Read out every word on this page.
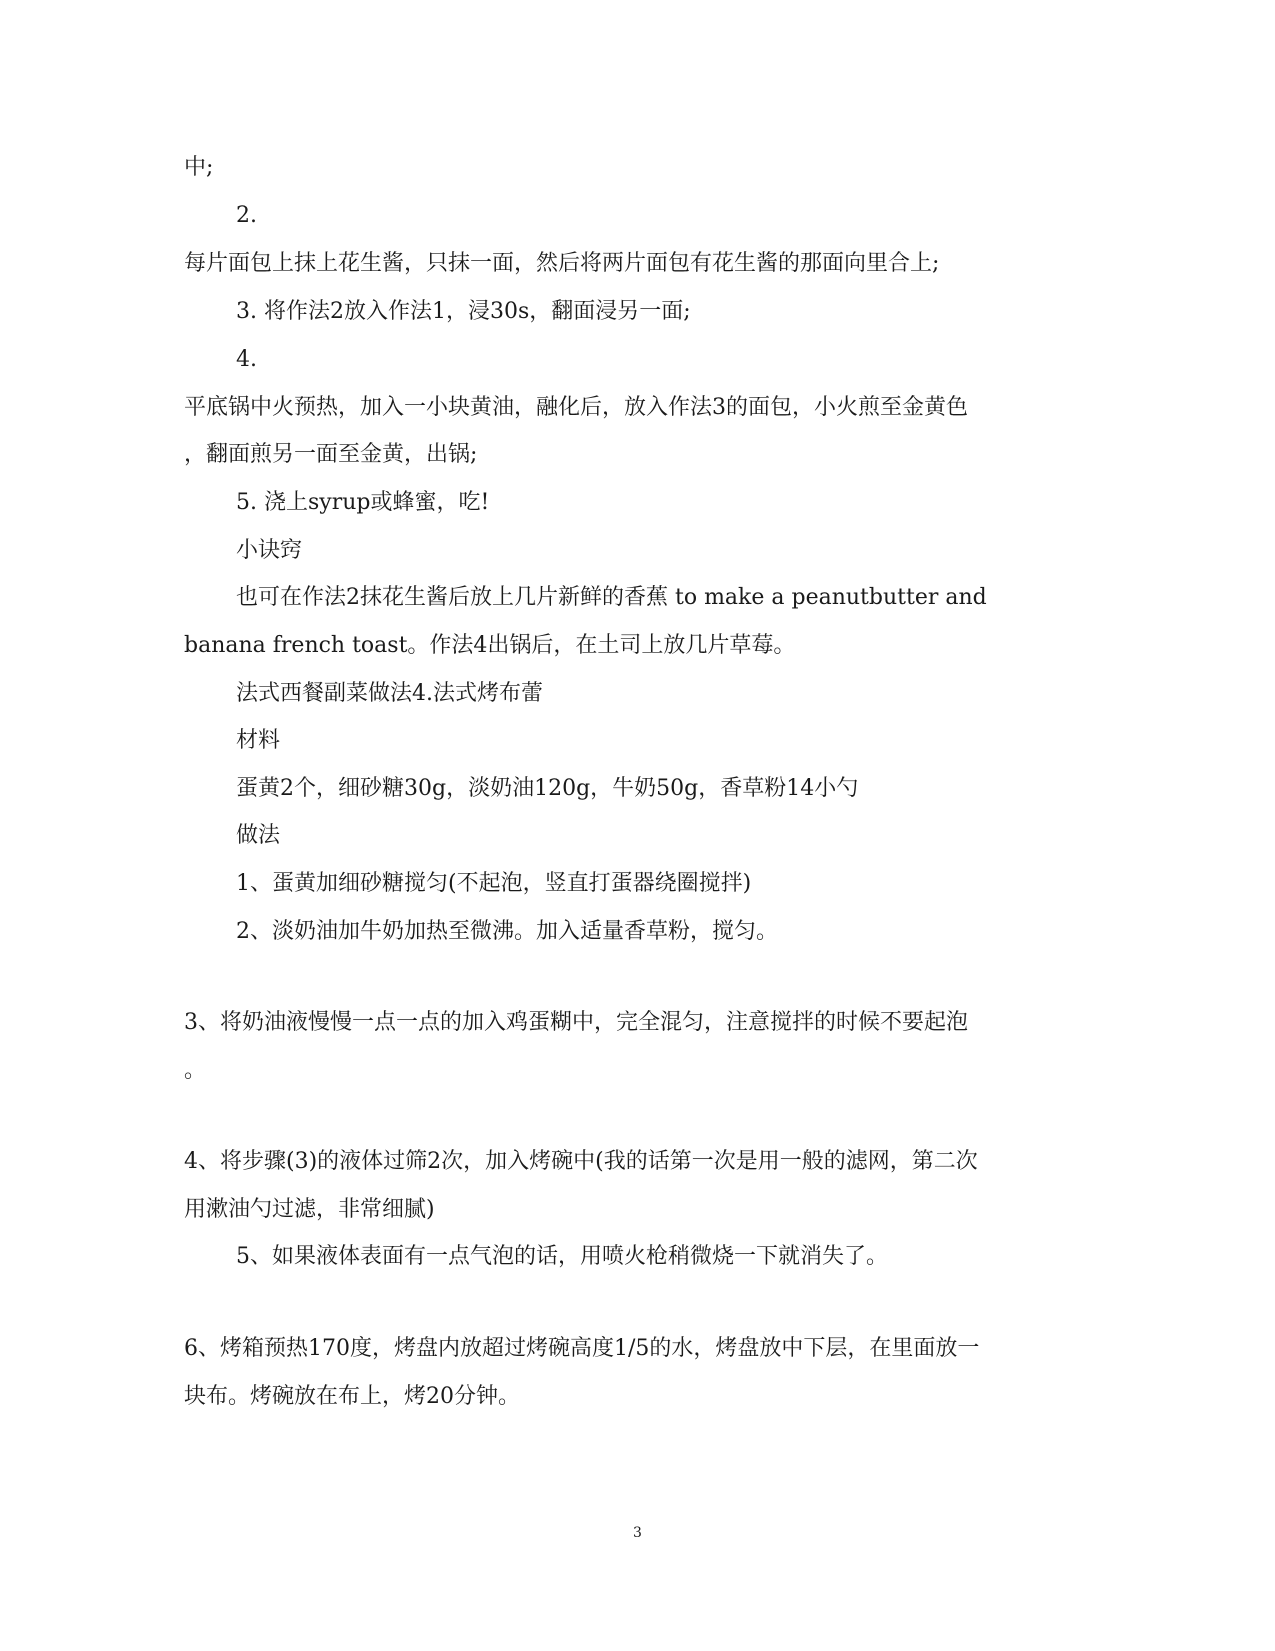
中;
2.
每片面包上抹上花生酱，只抹一面，然后将两片面包有花生酱的那面向里合上;
3. 将作法2放入作法1，浸30s，翻面浸另一面;
4.
平底锅中火预热，加入一小块黄油，融化后，放入作法3的面包，小火煎至金黄色
，翻面煎另一面至金黄，出锅;
5. 浇上syrup或蜂蜜，吃!
小诀窍
也可在作法2抹花生酱后放上几片新鲜的香蕉 to make a peanutbutter and
banana french toast。作法4出锅后，在土司上放几片草莓。
法式西餐副菜做法4.法式烤布蕾
材料
蛋黄2个，细砂糖30g，淡奶油120g，牛奶50g，香草粉14小勺
做法
1、蛋黄加细砂糖搅匀(不起泡，竖直打蛋器绕圈搅拌)
2、淡奶油加牛奶加热至微沸。加入适量香草粉，搅匀。
3、将奶油液慢慢一点一点的加入鸡蛋糊中，完全混匀，注意搅拌的时候不要起泡
。
4、将步骤(3)的液体过筛2次，加入烤碗中(我的话第一次是用一般的滤网，第二次
用漱油勺过滤，非常细腻)
5、如果液体表面有一点气泡的话，用喷火枪稍微烧一下就消失了。
6、烤箱预热170度，烤盘内放超过烤碗高度1/5的水，烤盘放中下层，在里面放一
块布。烤碗放在布上，烤20分钟。
3
